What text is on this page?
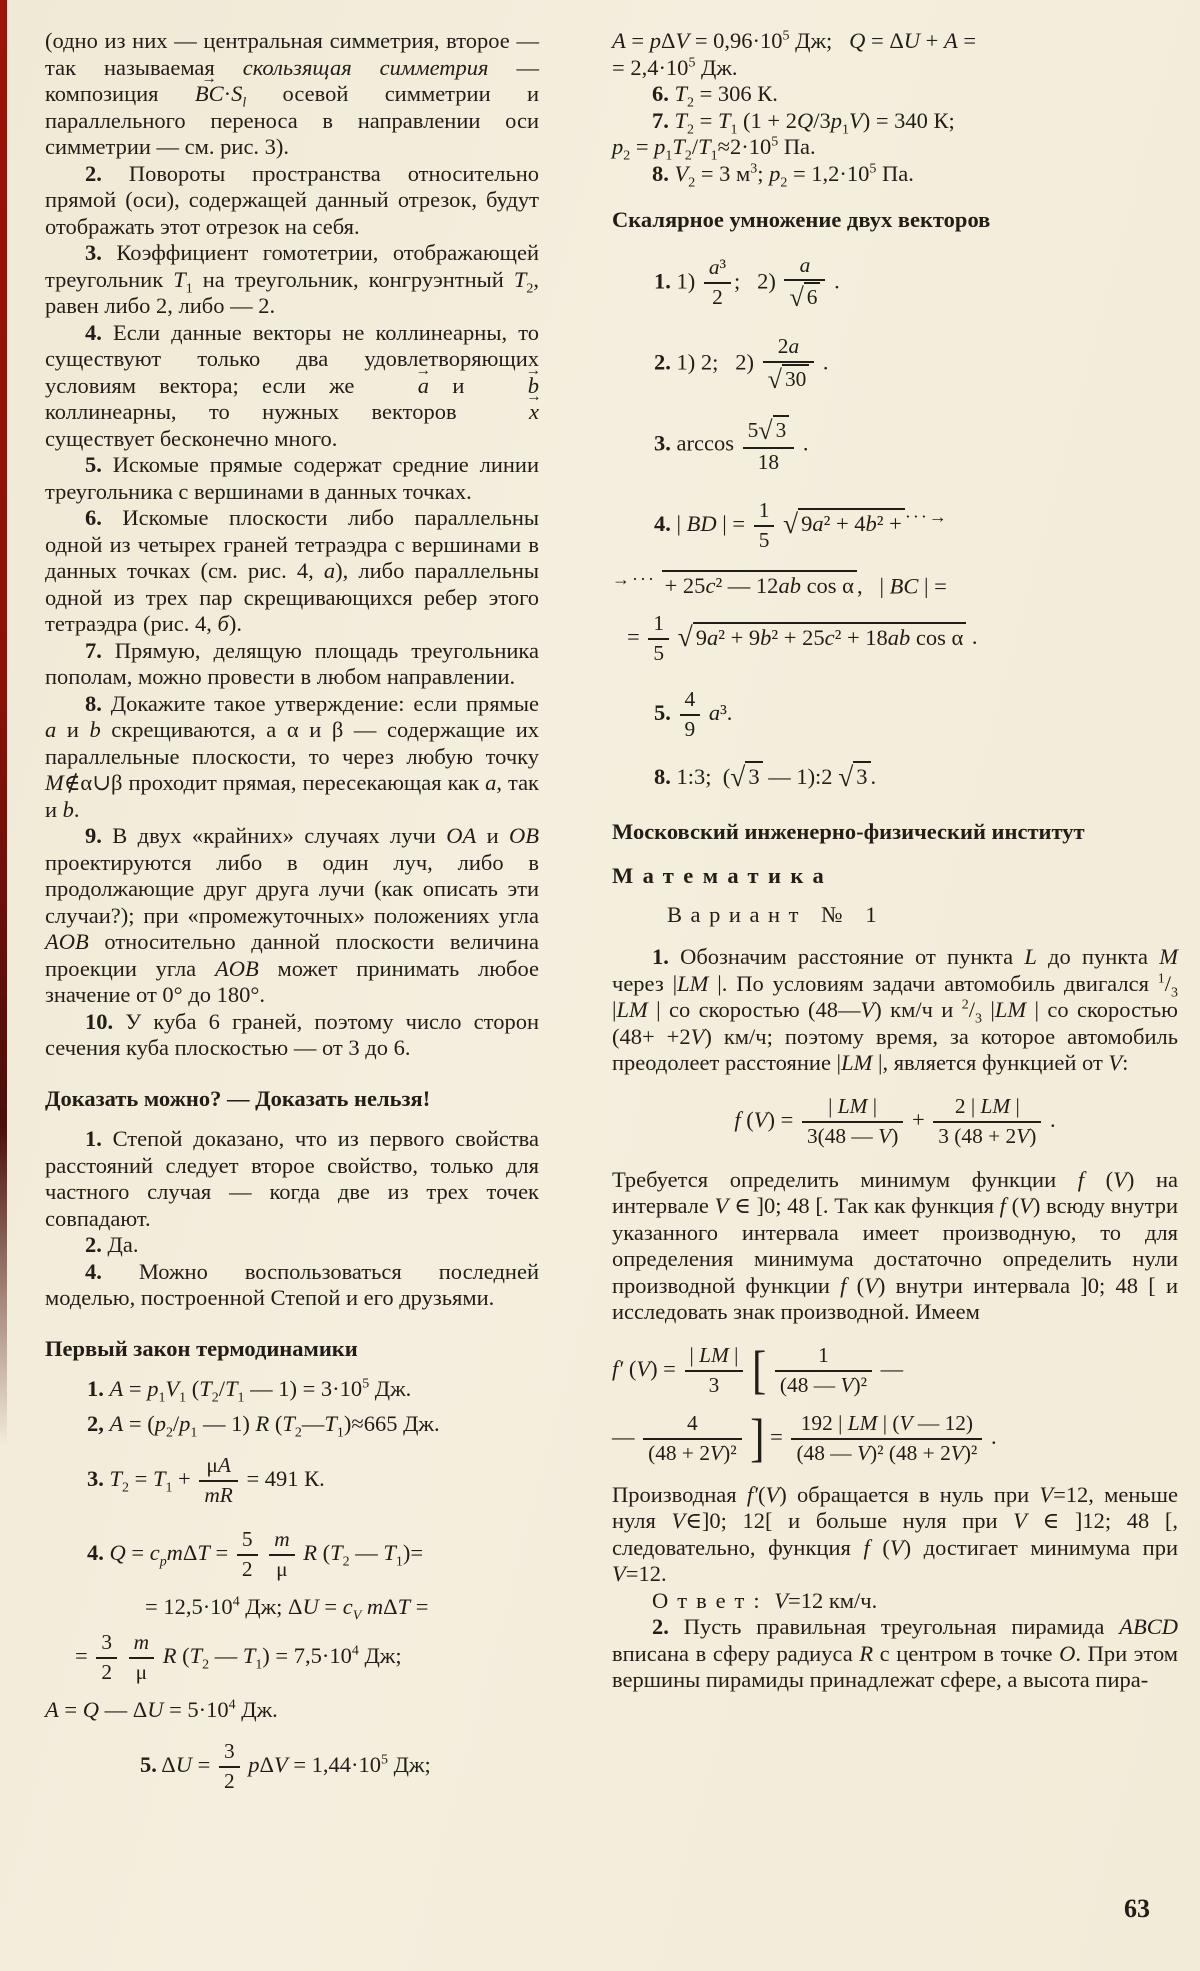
(одно из них — центральная симметрия, второе — так называемая скользящая симметрия — композиция BC $\to\cdot S_l$ осевой симметрии и параллельного переноса в направлении оси симметрии — см. рис. 3).

2. Повороты пространства относительно прямой (оси), содержащей данный отрезок, будут отображать этот отрезок на себя.

3. Коэффициент гомотетрии, отображающей треугольник $T_1$ на треугольник, конгруэнтный $T_2$, равен либо 2, либо — 2.

4. Если данные векторы не коллинеарны, то существуют только два удовлетворяющих условиям вектора; если же a → и b → коллинеарны, то нужных векторов x → существует бесконечно много.

5. Искомые прямые содержат средние линии треугольника с вершинами в данных точках.

6. Искомые плоскости либо параллельны одной из четырех граней тетраэдра с вершинами в данных точках (см. рис. 4, а), либо параллельны одной из трех пар скрещивающихся ребер этого тетраэдра (рис. 4, б).

7. Прямую, делящую площадь треугольника пополам, можно провести в любом направлении.

8. Докажите такое утверждение: если прямые a и b скрещиваются, а α и β — содержащие их параллельные плоскости, то через любую точку M∉α∪β проходит прямая, пересекающая как a, так и b.

9. В двух «крайних» случаях лучи OA и OB проектируются либо в один луч, либо в продолжающие друг друга лучи (как описать эти случаи?); при «промежуточных» положениях угла AOB относительно данной плоскости величина проекции угла AOB может принимать любое значение от 0° до 180°.

10. У куба 6 граней, поэтому число сторон сечения куба плоскостью — от 3 до 6.

Доказать можно? — Доказать нельзя!

1. Степой доказано, что из первого свойства расстояний следует второе свойство, только для частного случая — когда две из трех точек совпадают.

2. Да.

4. Можно воспользоваться последней моделью, построенной Степой и его друзьями.

Первый закон термодинамики

1. $A = p_1V_1$ ($T_2/T_1$ — $1) = 3\cdot 10^5$ Дж.
2, $A = (p_2/p_1$ — 1) R $(T_2—T_1)\approx 665$ Дж.
3. $T_2 = T_1 + \frac{\mu A}{mR} = 491$ К.
4. $Q = c_pm\Delta T = \frac{5}{2}$
$\frac{m}{\mu}$ R ($T_2$ — $T_1)=$
= $12,5\cdot 10^4$ Дж; $\Delta U = c_V$ mΔT =
= $\frac{3}{2}$
$\frac{m}{\mu}$ R ($T_2$ — $T_1) = 7,5\cdot 10^4$ Дж;
A = Q — $\Delta U = 5\cdot 10^4$ Дж.
5. $\Delta U = \frac{3}{2}$ $p\Delta V = 1,44\cdot 10^5$ Дж;

$A = p\Delta V = 0,96\cdot 10^5$ Дж;   Q = ΔU + A =

= $2,4\cdot 10^5$ Дж.

6. $T_2 = 306$ К.

7. $T_2 = T_1$ $(1 + 2Q/3p_1V) = 340$ К;

$p_2 = p_1T_2/T_1\approx 2\cdot 10^5$ Па.

8. $V_2 = 3$ $м^3$; $p_2 = 1,2\cdot 10^5$ Па.

Скалярное умножение двух векторов

1. $1) \frac{\text{a³}}{2}$ ;   $2) \frac{a}{√ 6}$ .
2. 1) 2;   $2) \frac{2a}{√ 30}$ .
3. $\arccos \frac{5√ 3}{18}$ .
4. | BD | = $\frac{1}{5}$ √ 9a² + 4b² + ···→
→··· + 25c² — 12ab cos α ,   | BC | =
= $\frac{1}{5}$ √ 9a² + 9b² + 25c² + 18ab cos α .
5. $\frac{4}{9} a^3$.
8. 1:3;  (√ 3 — 1):2 √ 3 .

Московский инженерно-физический институт

Математика

Вариант № 1

1. Обозначим расстояние от пункта L до пункта M через |LM |. По условиям задачи автомобиль двигался $^1/_3$ |LM | со скоростью (48—V) км/ч и $^2/_3$ |LM | со скоростью (48+ +2V) км/ч; поэтому время, за которое автомобиль преодолеет расстояние |LM |, является функцией от V:

f $(V) = \frac{| LM |}{3(48 — V)} + \frac{2 | LM |}{3 (48 + 2V)}$ .

Требуется определить минимум функции f (V) на интервале V ∈ ]0; 48 [. Так как функция f (V) всюду внутри указанного интервала имеет производную, то для определения минимума достаточно определить нули производной функции f (V) внутри интервала ]0; 48 [ и исследовать знак производной. Имеем

f′ $(V) = \frac{| LM |}{3}$ [ $\frac{1}{\text{(48 — V)²}}$ —
— $\frac{4}{\text{(48 + 2V)²}}$ ] = $\frac{192 | LM | (V — 12)}{\text{(48 — V)² (48 + 2V)²}}$ .

Производная f′(V) обращается в нуль при V=12, меньше нуля V∈]0; 12[ и больше нуля при V ∈ ]12; 48 [, следовательно, функция f (V) достигает минимума при V=12.

Ответ: V=12 км/ч.

2. Пусть правильная треугольная пирамида ABCD вписана в сферу радиуса R с центром в точке O. При этом вершины пирамиды принадлежат сфере, а высота пира-

63
